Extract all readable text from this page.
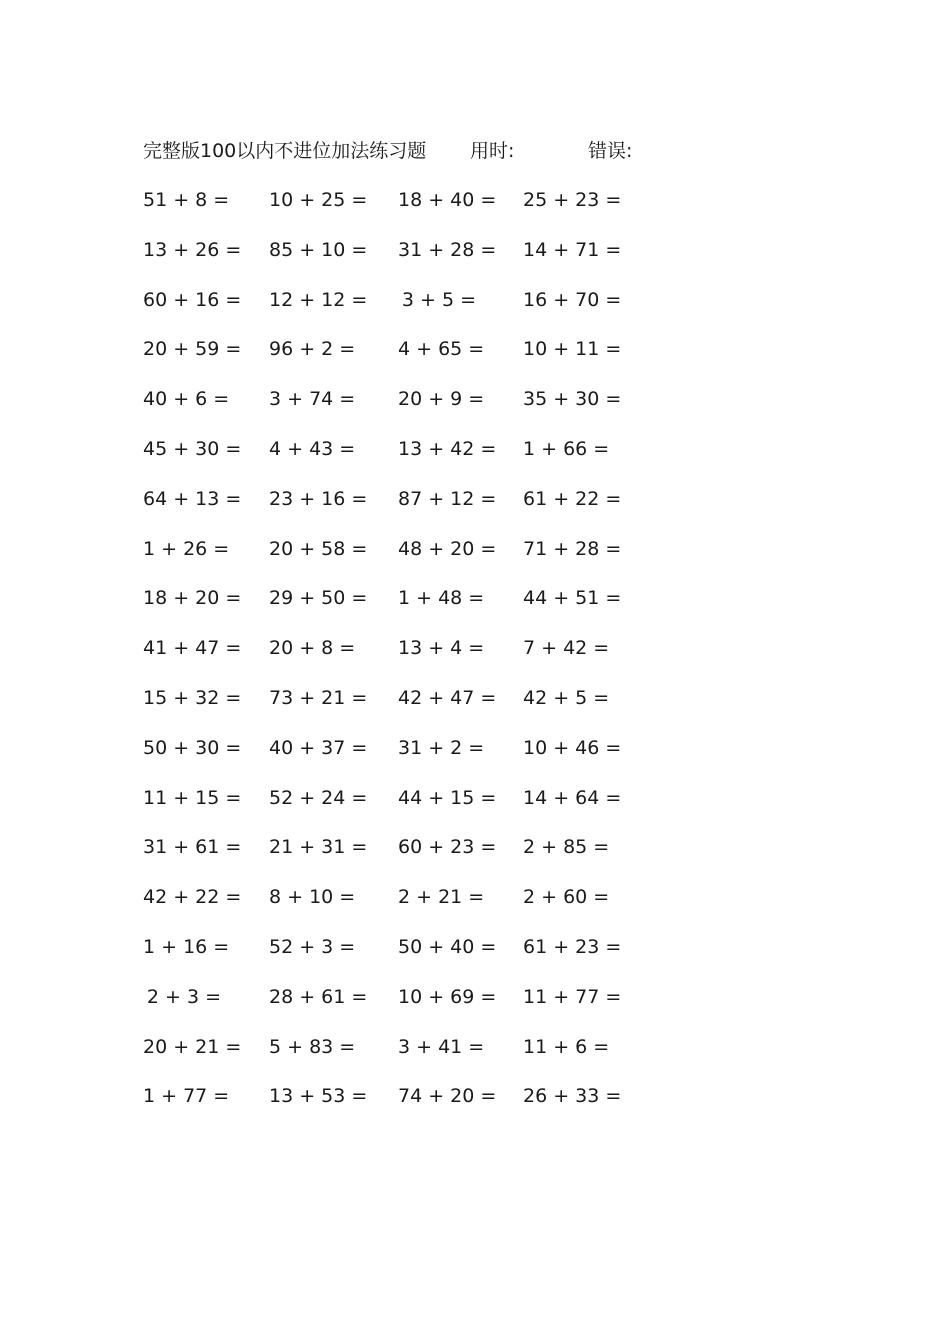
完整版100以内不进位加法练习题 用时:	错误:
51 + 8 = 10 + 25 = 18 + 40 = 25 + 23 =
13 + 26 = 85 + 10 = 31 + 28 = 14 + 71 =
60 + 16 = 12 + 12 = 3 + 5 = 16 + 70 =
20 + 59 = 96 + 2 = 4 + 65 = 10 + 11 =
40 + 6 = 3 + 74 = 20 + 9 = 35 + 30 =
45 + 30 = 4 + 43 = 13 + 42 = 1 + 66 =
64 + 13 = 23 + 16 = 87 + 12 = 61 + 22 =
1 + 26 = 20 + 58 = 48 + 20 = 71 + 28 =
18 + 20 = 29 + 50 = 1 + 48 = 44 + 51 =
41 + 47 = 20 + 8 = 13 + 4 = 7 + 42 =
15 + 32 = 73 + 21 = 42 + 47 = 42 + 5 =
50 + 30 = 40 + 37 = 31 + 2 = 10 + 46 =
11 + 15 = 52 + 24 = 44 + 15 = 14 + 64 =
31 + 61 = 21 + 31 = 60 + 23 = 2 + 85 =
42 + 22 = 8 + 10 = 2 + 21 = 2 + 60 =
1 + 16 = 52 + 3 = 50 + 40 = 61 + 23 =
2 + 3 =	28 + 61 = 10 + 69 = 11 + 77 =
20 + 21 = 5 + 83 = 3 + 41 = 11 + 6 =
1 + 77 = 13 + 53 = 74 + 20 = 26 + 33 =
